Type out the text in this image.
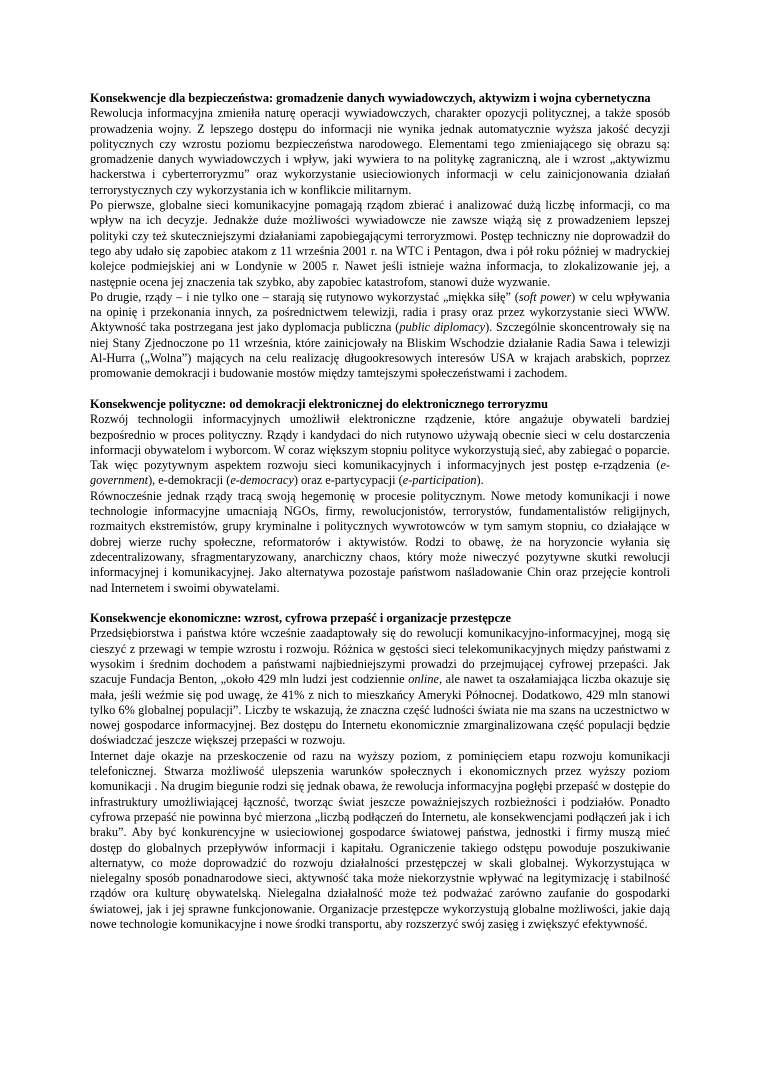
Konsekwencje dla bezpieczeństwa: gromadzenie danych wywiadowczych, aktywizm i wojna cybernetyczna

Rewolucja informacyjna zmieniła naturę operacji wywiadowczych, charakter opozycji politycznej, a także sposób prowadzenia wojny. Z lepszego dostępu do informacji nie wynika jednak automatycznie wyższa jakość decyzji politycznych czy wzrostu poziomu bezpieczeństwa narodowego. Elementami tego zmieniającego się obrazu są: gromadzenie danych wywiadowczych i wpływ, jaki wywiera to na politykę zagraniczną, ale i wzrost „aktywizmu hackerstwa i cyberterroryzmu” oraz wykorzystanie usieciowionych informacji w celu zainicjonowania działań terrorystycznych czy wykorzystania ich w konflikcie militarnym.

Po pierwsze, globalne sieci komunikacyjne pomagają rządom zbierać i analizować dużą liczbę informacji, co ma wpływ na ich decyzje. Jednakże duże możliwości wywiadowcze nie zawsze wiążą się z prowadzeniem lepszej polityki czy też skuteczniejszymi działaniami zapobiegającymi terroryzmowi. Postęp techniczny nie doprowadził do tego aby udało się zapobiec atakom z 11 września 2001 r. na WTC i Pentagon, dwa i pół roku później w madryckiej kolejce podmiejskiej ani w Londynie w 2005 r. Nawet jeśli istnieje ważna informacja, to zlokalizowanie jej, a następnie ocena jej znaczenia tak szybko, aby zapobiec katastrofom, stanowi duże wyzwanie.

Po drugie, rządy – i nie tylko one – starają się rutynowo wykorzystać „miękka siłę” (soft power) w celu wpływania na opinię i przekonania innych, za pośrednictwem telewizji, radia i prasy oraz przez wykorzystanie sieci WWW. Aktywność taka postrzegana jest jako dyplomacja publiczna (public diplomacy). Szczególnie skoncentrowały się na niej Stany Zjednoczone po 11 września, które zainicjowały na Bliskim Wschodzie działanie Radia Sawa i telewizji Al-Hurra („Wolna”) mających na celu realizację długookresowych interesów USA w krajach arabskich, poprzez promowanie demokracji i budowanie mostów między tamtejszymi społeczeństwami i zachodem.

Konsekwencje polityczne: od demokracji elektronicznej do elektronicznego terroryzmu

Rozwój technologii informacyjnych umożliwił elektroniczne rządzenie, które angażuje obywateli bardziej bezpośrednio w proces polityczny. Rządy i kandydaci do nich rutynowo używają obecnie sieci w celu dostarczenia informacji obywatelom i wyborcom. W coraz większym stopniu polityce wykorzystują sieć, aby zabiegać o poparcie. Tak więc pozytywnym aspektem rozwoju sieci komunikacyjnych i informacyjnych jest postęp e-rządzenia (e-government), e-demokracji (e-democracy) oraz e-partycypacji (e-participation).

Równocześnie jednak rządy tracą swoją hegemonię w procesie politycznym. Nowe metody komunikacji i nowe technologie informacyjne umacniają NGOs, firmy, rewolucjonistów, terrorystów, fundamentalistów religijnych, rozmaitych ekstremistów, grupy kryminalne i politycznych wywrotowców w tym samym stopniu, co działające w dobrej wierze ruchy społeczne, reformatorów i aktywistów. Rodzi to obawę, że na horyzoncie wyłania się zdecentralizowany, sfragmentaryzowany, anarchiczny chaos, który może niweczyć pozytywne skutki rewolucji informacyjnej i komunikacyjnej. Jako alternatywa pozostaje państwom naśladowanie Chin oraz przejęcie kontroli nad Internetem i swoimi obywatelami.

Konsekwencje ekonomiczne: wzrost, cyfrowa przepaść i organizacje przestępcze

Przedsiębiorstwa i państwa które wcześnie zaadaptowały się do rewolucji komunikacyjno-informacyjnej, mogą się cieszyć z przewagi w tempie wzrostu i rozwoju. Różnica w gęstości sieci telekomunikacyjnych między państwami z wysokim i średnim dochodem a państwami najbiedniejszymi prowadzi do przejmującej cyfrowej przepaści. Jak szacuje Fundacja Benton, „około 429 mln ludzi jest codziennie online, ale nawet ta oszałamiająca liczba okazuje się mała, jeśli weźmie się pod uwagę, że 41% z nich to mieszkańcy Ameryki Północnej. Dodatkowo, 429 mln stanowi tylko 6% globalnej populacji”. Liczby te wskazują, że znaczna część ludności świata nie ma szans na uczestnictwo w nowej gospodarce informacyjnej. Bez dostępu do Internetu ekonomicznie zmarginalizowana część populacji będzie doświadczać jeszcze większej przepaści w rozwoju.

Internet daje okazje na przeskoczenie od razu na wyższy poziom, z pominięciem etapu rozwoju komunikacji telefonicznej. Stwarza możliwość ulepszenia warunków społecznych i ekonomicznych przez wyższy poziom komunikacji . Na drugim biegunie rodzi się jednak obawa, że rewolucja informacyjna pogłębi przepaść w dostępie do infrastruktury umożliwiającej łączność, tworząc świat jeszcze poważniejszych rozbieżności i podziałów. Ponadto cyfrowa przepaść nie powinna być mierzona „liczbą podłączeń do Internetu, ale konsekwencjami podłączeń jak i ich braku”. Aby być konkurencyjne w usieciowionej gospodarce światowej państwa, jednostki i firmy muszą mieć dostęp do globalnych przepływów informacji i kapitału. Ograniczenie takiego odstępu powoduje poszukiwanie alternatyw, co może doprowadzić do rozwoju działalności przestępczej w skali globalnej. Wykorzystująca w nielegalny sposób ponadnarodowe sieci, aktywność taka może niekorzystnie wpływać na legitymizację i stabilność rządów ora kulturę obywatelską. Nielegalna działalność może też podważać zarówno zaufanie do gospodarki światowej, jak i jej sprawne funkcjonowanie. Organizacje przestępcze wykorzystują globalne możliwości, jakie dają nowe technologie komunikacyjne i nowe środki transportu, aby rozszerzyć swój zasięg i zwiększyć efektywność.
